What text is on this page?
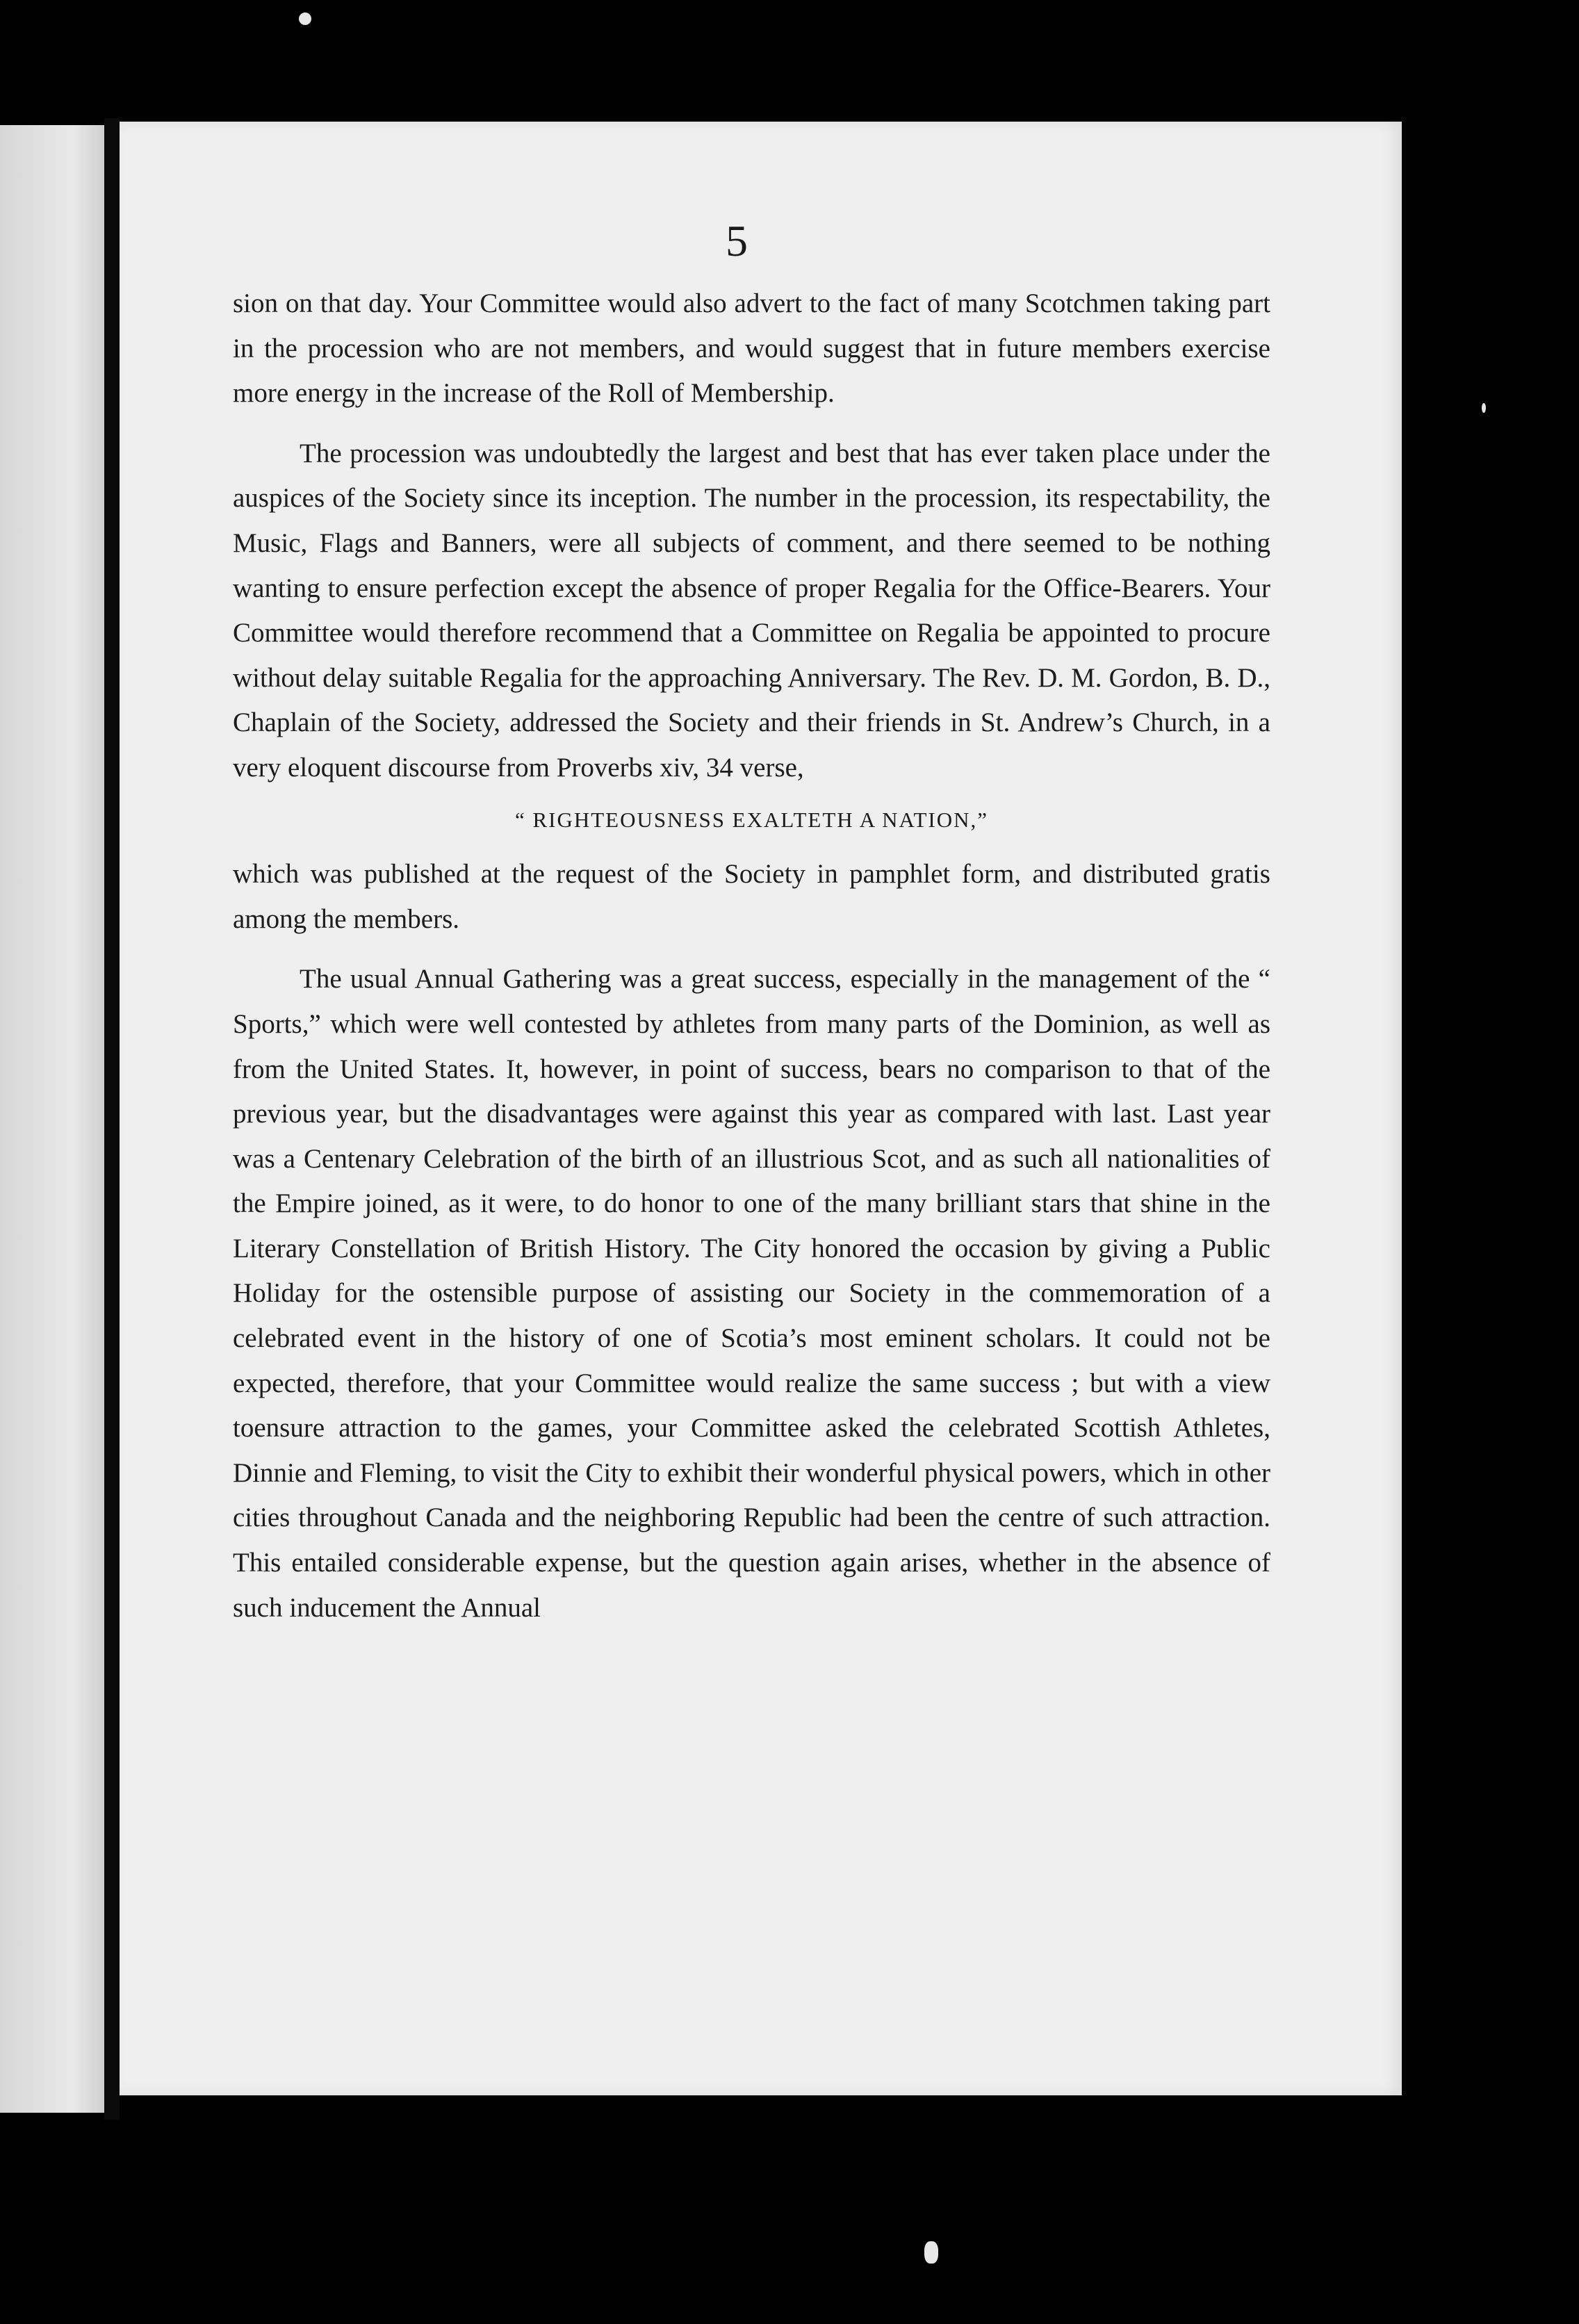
5

sion on that day. Your Committee would also advert to the fact of many Scotchmen taking part in the procession who are not members, and would suggest that in future members exercise more energy in the increase of the Roll of Membership.

The procession was undoubtedly the largest and best that has ever taken place under the auspices of the Society since its inception. The number in the procession, its respectability, the Music, Flags and Banners, were all subjects of comment, and there seemed to be nothing wanting to ensure perfection except the absence of proper Regalia for the Office-Bearers. Your Committee would therefore recommend that a Committee on Regalia be appointed to procure without delay suitable Regalia for the approaching Anniversary. The Rev. D. M. Gordon, B. D., Chaplain of the Society, addressed the Society and their friends in St. Andrew’s Church, in a very eloquent discourse from Proverbs xiv, 34 verse,

“ RIGHTEOUSNESS EXALTETH A NATION,”

which was published at the request of the Society in pamphlet form, and distributed gratis among the members.

The usual Annual Gathering was a great success, especially in the management of the “ Sports,” which were well contested by athletes from many parts of the Dominion, as well as from the United States. It, however, in point of success, bears no comparison to that of the previous year, but the disadvantages were against this year as compared with last. Last year was a Centenary Celebration of the birth of an illustrious Scot, and as such all nationalities of the Empire joined, as it were, to do honor to one of the many brilliant stars that shine in the Literary Constellation of British History. The City honored the occasion by giving a Public Holiday for the ostensible purpose of assisting our Society in the commemoration of a celebrated event in the history of one of Scotia’s most eminent scholars. It could not be expected, therefore, that your Committee would realize the same success ; but with a view toensure attraction to the games, your Committee asked the celebrated Scottish Athletes, Dinnie and Fleming, to visit the City to exhibit their wonderful physical powers, which in other cities throughout Canada and the neighboring Republic had been the centre of such attraction. This entailed considerable expense, but the question again arises, whether in the absence of such inducement the Annual
